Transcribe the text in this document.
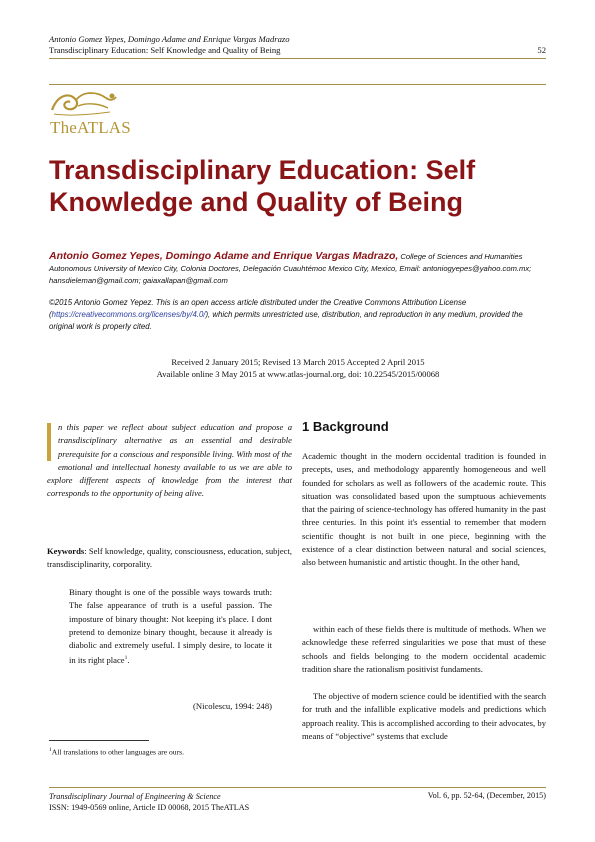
Antonio Gomez Yepes, Domingo Adame and Enrique Vargas Madrazo
Transdisciplinary Education: Self Knowledge and Quality of Being	52
TheATLAS
Transdisciplinary Education: Self Knowledge and Quality of Being
Antonio Gomez Yepes, Domingo Adame and Enrique Vargas Madrazo, College of Sciences and Humanities Autonomous University of Mexico City, Colonia Doctores, Delegación Cuauhtémoc Mexico City, Mexico, Email: antoniogyepes@yahoo.com.mx; hansdieleman@gmail.com; gaiaxallapan@gmail.com
©2015 Antonio Gomez Yepez. This is an open access article distributed under the Creative Commons Attribution License (https://creativecommons.org/licenses/by/4.0/), which permits unrestricted use, distribution, and reproduction in any medium, provided the original work is properly cited.
Received 2 January 2015; Revised 13 March 2015 Accepted 2 April 2015
Available online 3 May 2015 at www.atlas-journal.org, doi: 10.22545/2015/00068
n this paper we reflect about subject education and propose a transdisciplinary alternative as an essential and desirable prerequisite for a conscious and responsible living. With most of the emotional and intellectual honesty available to us we are able to explore different aspects of knowledge from the interest that corresponds to the opportunity of being alive.
Keywords: Self knowledge, quality, consciousness, education, subject, transdisciplinarity, corporality.
Binary thought is one of the possible ways towards truth: The false appearance of truth is a useful passion. The imposture of binary thought: Not keeping it's place. I dont pretend to demonize binary thought, because it already is diabolic and extremely useful. I simply desire, to locate it in its right place$^1$.
(Nicolescu, 1994: 248)
$^1$All translations to other languages are ours.
1 Background
Academic thought in the modern occidental tradition is founded in precepts, uses, and methodology apparently homogeneous and well founded for scholars as well as followers of the academic route. This situation was consolidated based upon the sumptuous achievements that the pairing of science-technology has offered humanity in the past three centuries. In this point it's essential to remember that modern scientific thought is not built in one piece, beginning with the existence of a clear distinction between natural and social sciences, also between humanistic and artistic thought. In the other hand,
within each of these fields there is multitude of methods. When we acknowledge these referred singularities we pose that must of these schools and fields belonging to the modern occidental academic tradition share the rationalism positivist fundaments.
The objective of modern science could be identified with the search for truth and the infallible explicative models and predictions which approach reality. This is accomplished according to their advocates, by means of “objective” systems that exclude
Transdisciplinary Journal of Engineering & Science
ISSN: 1949-0569 online, Article ID 00068, 2015 TheATLAS
Vol. 6, pp. 52-64, (December, 2015)
